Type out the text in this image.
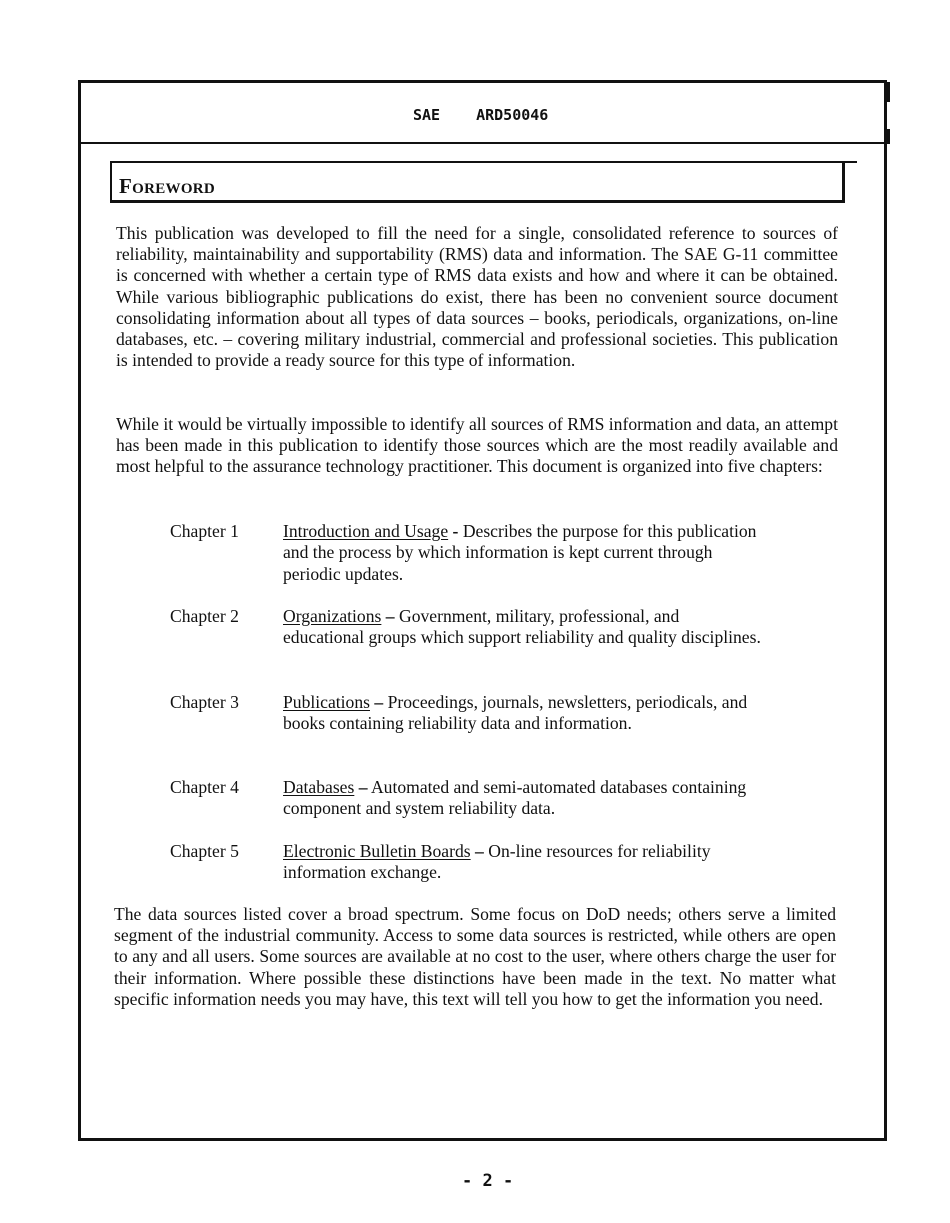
SAE ARD50046
Foreword

This publication was developed to fill the need for a single, consolidated reference to sources of reliability, maintainability and supportability (RMS) data and information. The SAE G-11 committee is concerned with whether a certain type of RMS data exists and how and where it can be obtained. While various bibliographic publications do exist, there has been no convenient source document consolidating information about all types of data sources – books, periodicals, organizations, on-line databases, etc. – covering military industrial, commercial and professional societies. This publication is intended to provide a ready source for this type of information.

While it would be virtually impossible to identify all sources of RMS information and data, an attempt has been made in this publication to identify those sources which are the most readily available and most helpful to the assurance technology practitioner. This document is organized into five chapters:

Chapter 1	Introduction and Usage - Describes the purpose for this publication and the process by which information is kept current through periodic updates.
Chapter 2	Organizations – Government, military, professional, and educational groups which support reliability and quality disciplines.
Chapter 3	Publications – Proceedings, journals, newsletters, periodicals, and books containing reliability data and information.
Chapter 4	Databases – Automated and semi-automated databases containing component and system reliability data.
Chapter 5	Electronic Bulletin Boards – On-line resources for reliability information exchange.

The data sources listed cover a broad spectrum. Some focus on DoD needs; others serve a limited segment of the industrial community. Access to some data sources is restricted, while others are open to any and all users. Some sources are available at no cost to the user, where others charge the user for their information. Where possible these distinctions have been made in the text. No matter what specific information needs you may have, this text will tell you how to get the information you need.

- 2 -
